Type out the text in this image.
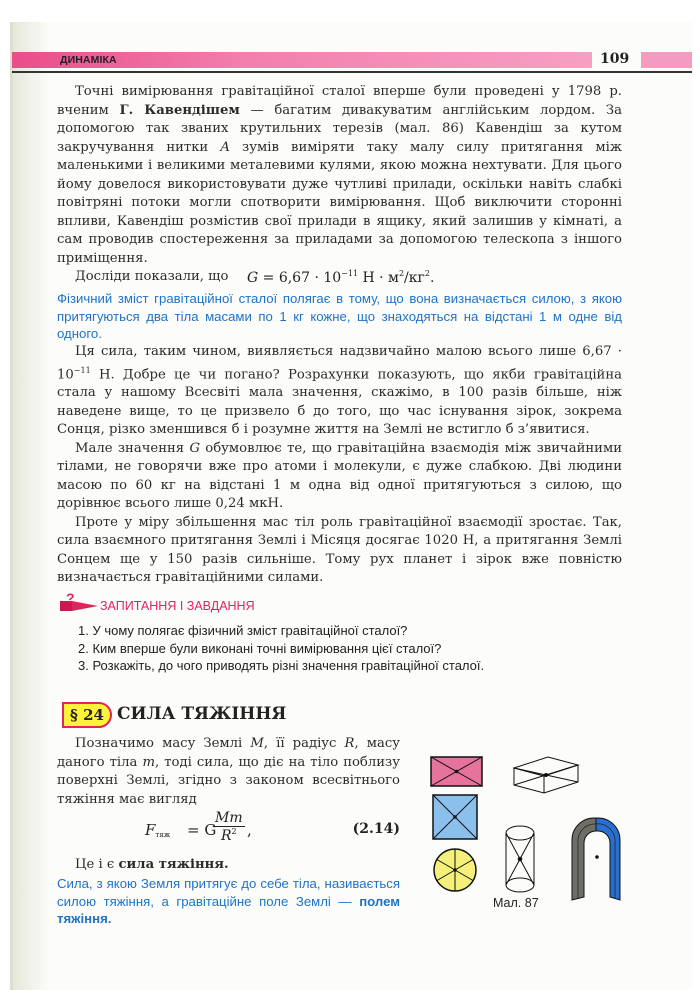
ДИНАМІКА	109

Точні вимірювання гравітаційної сталої вперше були проведені у 1798 р. вченим Г. Кавендішем — багатим дивакуватим англійським лордом. За допомогою так званих крутильних терезів (мал. 86) Кавендіш за кутом закручування нитки A зумів виміряти таку малу силу притягання між маленькими і великими металевими кулями, якою можна нехтувати. Для цього йому довелося використовувати дуже чутливі прилади, оскільки навіть слабкі повітряні потоки могли спотворити вимірювання. Щоб виключити сторонні впливи, Кавендіш розмістив свої прилади в ящику, який залишив у кімнаті, а сам проводив спостереження за приладами за допомогою телескопа з іншого приміщення.

Досліди показали, що	$G = 6,67 \cdot 10^{-11}$ $Н \cdot м^2/кг^2$.
Фізичний зміст гравітаційної сталої полягає в тому, що вона визначається силою, з якою притягуються два тіла масами по 1 кг кожне, що знаходяться на відстані 1 м одне від одного.

Ця сила, таким чином, виявляється надзвичайно малою всього лише $6,67 \cdot 10^{-11}$ Н. Добре це чи погано? Розрахунки показують, що якби гравітаційна стала у нашому Всесвіті мала значення, скажімо, в 100 разів більше, ніж наведене вище, то це призвело б до того, що час існування зірок, зокрема Сонця, різко зменшився б і розумне життя на Землі не встигло б з’явитися.

Мале значення G обумовлює те, що гравітаційна взаємодія між звичайними тілами, не говорячи вже про атоми і молекули, є дуже слабкою. Дві людини масою по 60 кг на відстані 1 м одна від одної притягуються з силою, що дорівнює всього лише 0,24 мкН.

Проте у міру збільшення мас тіл роль гравітаційної взаємодії зростає. Так, сила взаємного притягання Землі і Місяця досягає 1020 Н, а притягання Землі Сонцем ще у 150 разів сильніше. Тому рух планет і зірок вже повністю визначається гравітаційними силами.

? ЗАПИТАННЯ І ЗАВДАННЯ
1. У чому полягає фізичний зміст гравітаційної сталої?
2. Ким вперше були виконані точні вимірювання цієї сталої?
3. Розкажіть, до чого приводять різні значення гравітаційної сталої.
§ 24 СИЛА ТЯЖІННЯ

Позначимо масу Землі M, її радіус R, масу даного тіла m, тоді сила, що діє на тіло поблизу поверхні Землі, згідно з законом всесвітнього тяжіння має вигляд

$F_{тяж} = G$
$\frac{Mm}{R^2}$ ,	(2.14)

Це і є сила тяжіння.

Сила, з якою Земля притягує до себе тіла, називається силою тяжіння, а гравітаційне поле Землі — полем тяжіння.
Мал. 87
